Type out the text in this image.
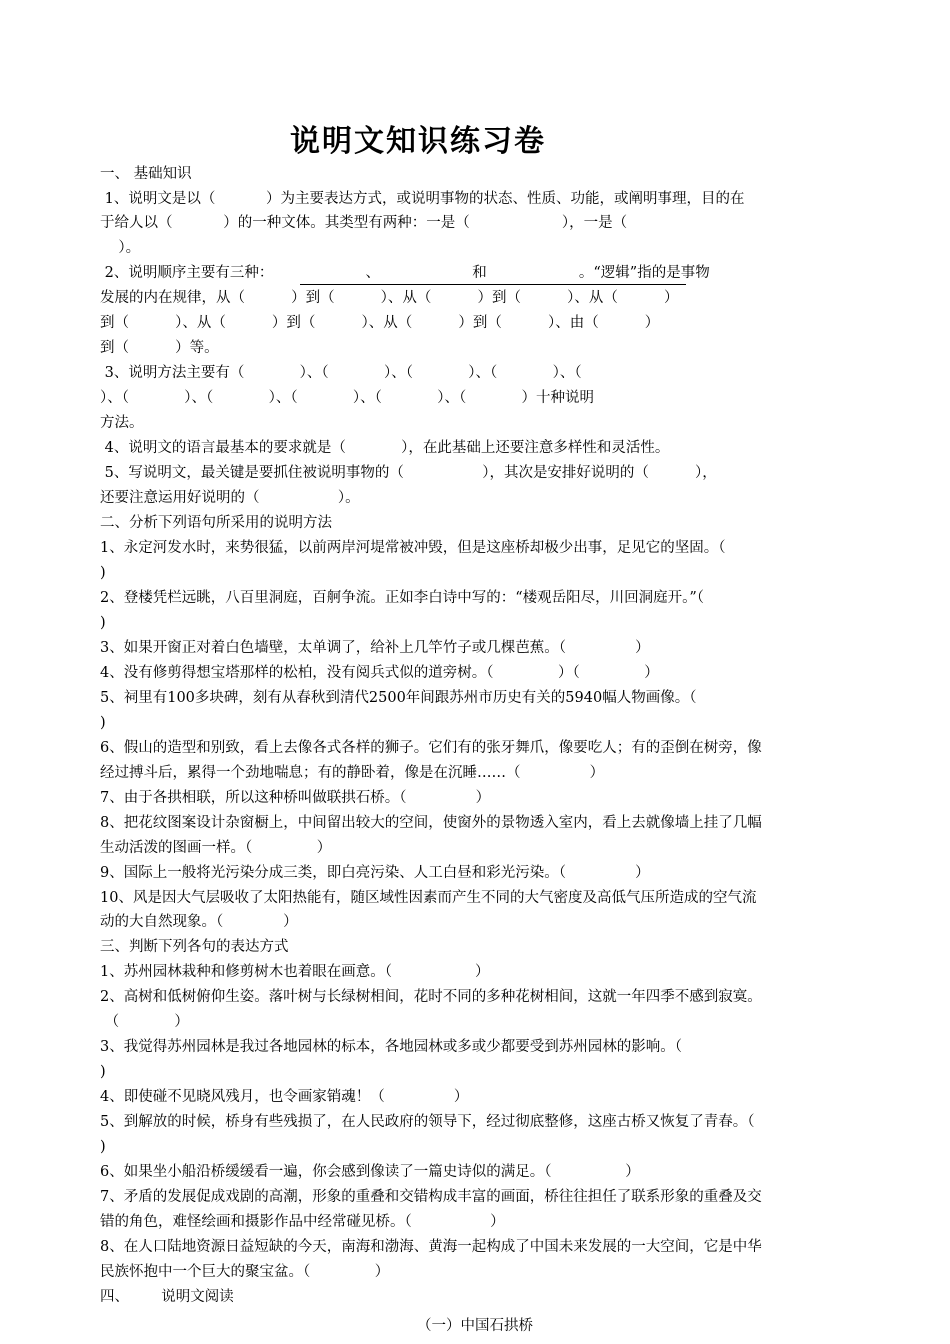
说明文知识练习卷
一、 基础知识
1、说明文是以（           ）为主要表达方式，或说明事物的状态、性质、功能，或阐明事理，目的在
于给人以（           ）的一种文体。其类型有两种：一是（                    ），一是（
）。
2、说明顺序主要有三种：                    、                    和                    。“逻辑”指的是事物
发展的内在规律，从（          ）到（          ）、从（          ）到（          ）、从（          ）
到（          ）、从（          ）到（          ）、从（          ）到（          ）、由（          ）
到（          ）等。
3、说明方法主要有（            ）、（            ）、（            ）、（            ）、（
）、（            ）、（            ）、（            ）、（            ）、（            ）十种说明
方法。
4、说明文的语言最基本的要求就是（            ），在此基础上还要注意多样性和灵活性。
5、写说明文，最关键是要抓住被说明事物的（                 ），其次是安排好说明的（          ），
还要注意运用好说明的（                 ）。
二、分析下列语句所采用的说明方法
1、永定河发水时，来势很猛，以前两岸河堤常被冲毁，但是这座桥却极少出事，足见它的坚固。（
)
2、登楼凭栏远眺，八百里洞庭，百舸争流。正如李白诗中写的：“楼观岳阳尽，川回洞庭开。”（
)
3、如果开窗正对着白色墙壁，太单调了，给补上几竿竹子或几棵芭蕉。（               ）
4、没有修剪得想宝塔那样的松柏，没有阅兵式似的道旁树。（              ）（              ）
5、祠里有100多块碑，刻有从春秋到清代2500年间跟苏州市历史有关的5940幅人物画像。（
)
6、假山的造型和别致，看上去像各式各样的狮子。它们有的张牙舞爪，像要吃人；有的歪倒在树旁，像
经过搏斗后，累得一个劲地喘息；有的静卧着，像是在沉睡……（               ）
7、由于各拱相联，所以这种桥叫做联拱石桥。（               ）
8、把花纹图案设计杂窗橱上，中间留出较大的空间，使窗外的景物透入室内，看上去就像墙上挂了几幅
生动活泼的图画一样。（              ）
9、国际上一般将光污染分成三类，即白亮污染、人工白昼和彩光污染。（               ）
10、风是因大气层吸收了太阳热能有，随区域性因素而产生不同的大气密度及高低气压所造成的空气流
动的大自然现象。（             ）
三、判断下列各句的表达方式
1、苏州园林栽种和修剪树木也着眼在画意。（                  ）
2、高树和低树俯仰生姿。落叶树与长绿树相间，花时不同的多种花树相间，这就一年四季不感到寂寞。
（            ）
3、我觉得苏州园林是我过各地园林的标本，各地园林或多或少都要受到苏州园林的影响。（
)
4、即使碰不见晓风残月，也令画家销魂！（               ）
5、到解放的时候，桥身有些残损了，在人民政府的领导下，经过彻底整修，这座古桥又恢复了青春。（
)
6、如果坐小船沿桥缓缓看一遍，你会感到像读了一篇史诗似的满足。（                ）
7、矛盾的发展促成戏剧的高潮，形象的重叠和交错构成丰富的画面，桥往往担任了联系形象的重叠及交
错的角色，难怪绘画和摄影作品中经常碰见桥。（                 ）
8、在人口陆地资源日益短缺的今天，南海和渤海、黄海一起构成了中国未来发展的一大空间，它是中华
民族怀抱中一个巨大的聚宝盆。（              ）
四、       说明文阅读
（一）中国石拱桥
